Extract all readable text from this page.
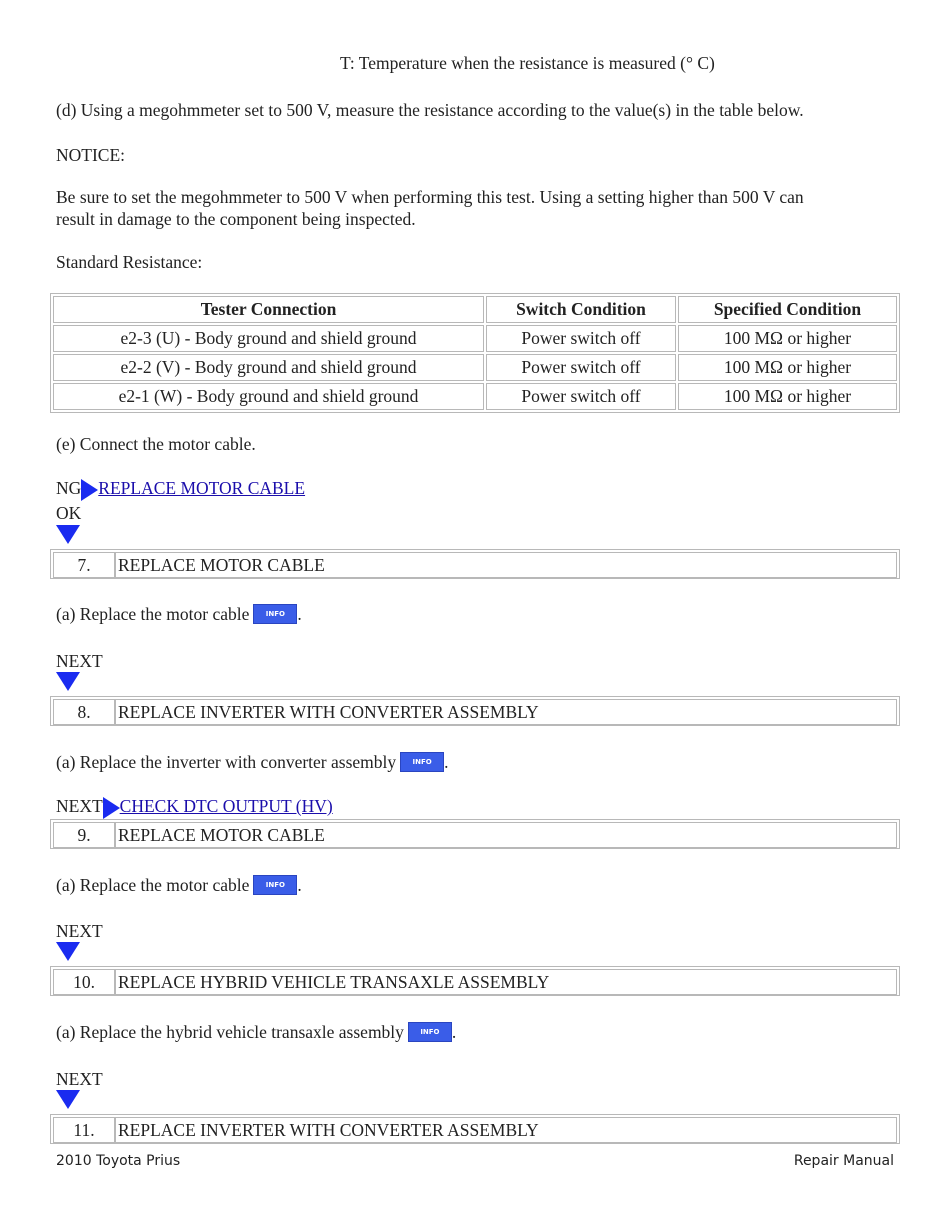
T: Temperature when the resistance is measured (° C)
(d) Using a megohmmeter set to 500 V, measure the resistance according to the value(s) in the table below.
NOTICE:
Be sure to set the megohmmeter to 500 V when performing this test. Using a setting higher than 500 V can
result in damage to the component being inspected.
Standard Resistance:
Tester Connection	Switch Condition	Specified Condition
e2-3 (U) - Body ground and shield ground	Power switch off	100 MΩ or higher
e2-2 (V) - Body ground and shield ground	Power switch off	100 MΩ or higher
e2-1 (W) - Body ground and shield ground	Power switch off	100 MΩ or higher
(e) Connect the motor cable.
NG REPLACE MOTOR CABLE
OK
7.	REPLACE MOTOR CABLE
(a) Replace the motor cable INFO .
NEXT
8.	REPLACE INVERTER WITH CONVERTER ASSEMBLY
(a) Replace the inverter with converter assembly INFO .
NEXT CHECK DTC OUTPUT (HV)
9.	REPLACE MOTOR CABLE
(a) Replace the motor cable INFO .
NEXT
10.	REPLACE HYBRID VEHICLE TRANSAXLE ASSEMBLY
(a) Replace the hybrid vehicle transaxle assembly INFO .
NEXT
11.	REPLACE INVERTER WITH CONVERTER ASSEMBLY
2010 Toyota Prius	Repair Manual
